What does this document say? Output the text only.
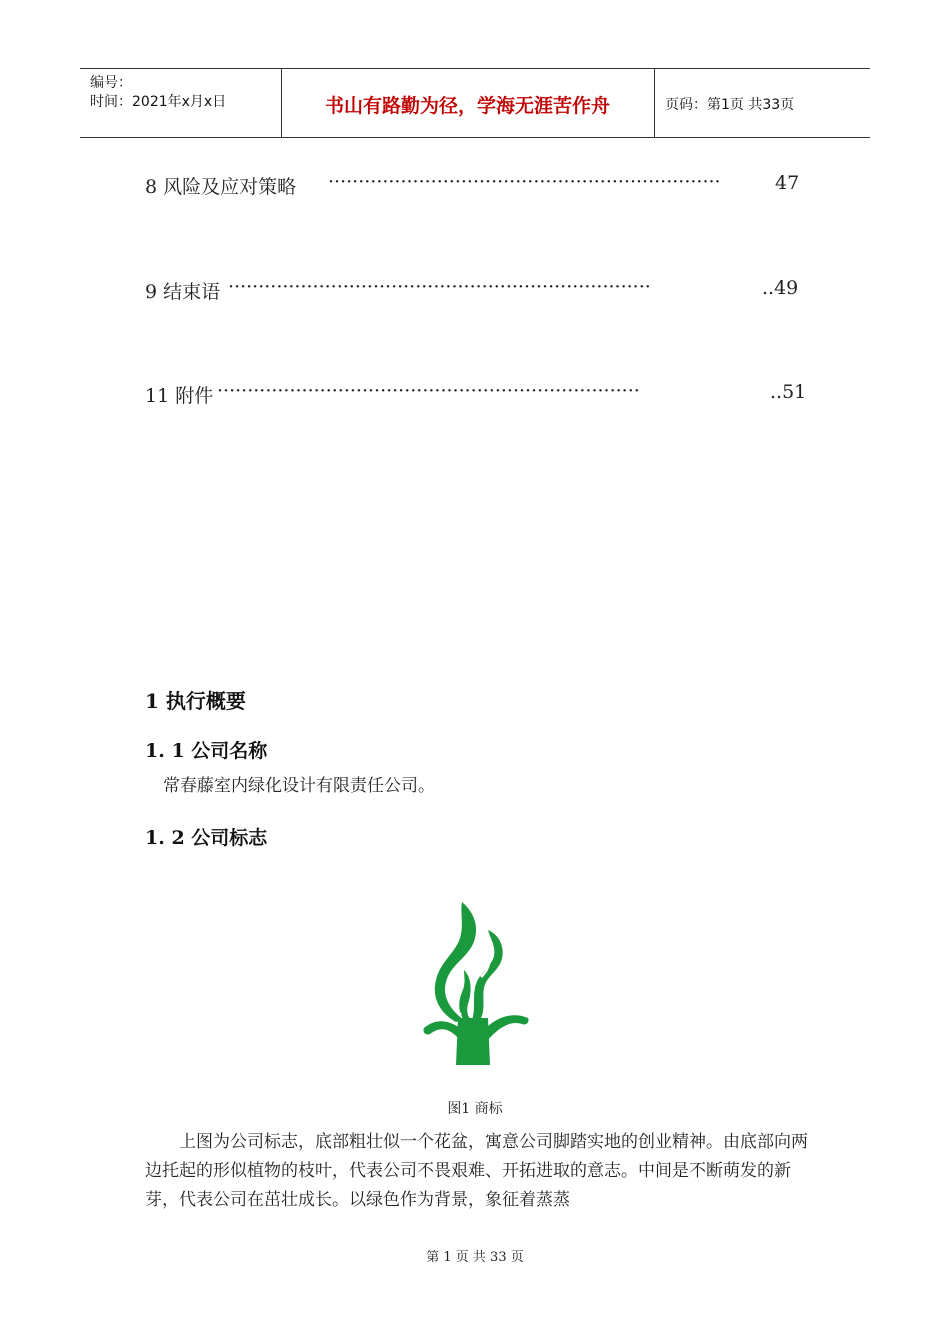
编号：
时间：2021年x月x日	书山有路勤为径，学海无涯苦作舟	页码：第1页 共33页
8 风险及应对策略 ·································································	47
9 结束语 ······································································	..49
11 附件 ······································································	..51
1 执行概要
1. 1 公司名称
常春藤室内绿化设计有限责任公司。
1. 2 公司标志
图1 商标
上图为公司标志，底部粗壮似一个花盆，寓意公司脚踏实地的创业精神。由底部向两边托起的形似植物的枝叶，代表公司不畏艰难、开拓进取的意志。中间是不断萌发的新芽，代表公司在茁壮成长。以绿色作为背景，象征着蒸蒸
第 1 页 共 33 页
